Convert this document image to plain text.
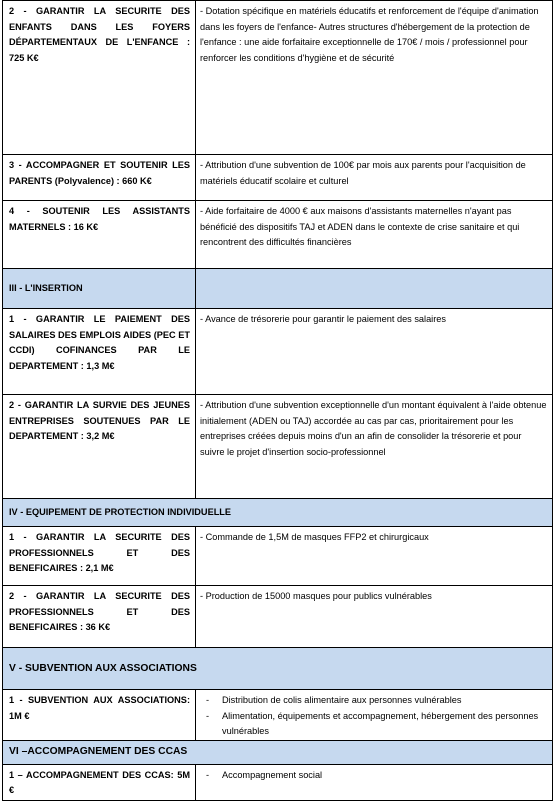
2 - GARANTIR LA SECURITE DES ENFANTS DANS LES FOYERS DÉPARTEMENTAUX DE L'ENFANCE : 725 K€	- Dotation spécifique en matériels éducatifs et renforcement de l'équipe d'animation dans les foyers de l'enfance- Autres structures d'hébergement de la protection de l'enfance : une aide forfaitaire exceptionnelle de 170€ / mois / professionnel pour renforcer les conditions d'hygiène et de sécurité
3 - ACCOMPAGNER ET SOUTENIR LES PARENTS (Polyvalence) : 660 K€	- Attribution d'une subvention de 100€ par mois aux parents pour l'acquisition de matériels éducatif scolaire et culturel
4 - SOUTENIR LES ASSISTANTS MATERNELS : 16 K€	- Aide forfaitaire de 4000 € aux maisons d'assistants maternelles n'ayant pas bénéficié des dispositifs TAJ et ADEN dans le contexte de crise sanitaire et qui rencontrent des difficultés financières
III - L'INSERTION	
1 - GARANTIR LE PAIEMENT DES SALAIRES DES EMPLOIS AIDES (PEC ET CCDI) COFINANCES PAR LE DEPARTEMENT : 1,3 M€	- Avance de trésorerie pour garantir le paiement des salaires
2 - GARANTIR LA SURVIE DES JEUNES ENTREPRISES SOUTENUES PAR LE DEPARTEMENT : 3,2 M€	- Attribution d'une subvention exceptionnelle d'un montant équivalent à l'aide obtenue initialement (ADEN ou TAJ) accordée au cas par cas, prioritairement pour les entreprises créées depuis moins d'un an afin de consolider la trésorerie et pour suivre le projet d'insertion socio-professionnel
IV - EQUIPEMENT DE PROTECTION INDIVIDUELLE	
1 - GARANTIR LA SECURITE DES PROFESSIONNELS ET DES BENEFICAIRES : 2,1 M€	- Commande de 1,5M de masques FFP2 et chirurgicaux
2 - GARANTIR LA SECURITE DES PROFESSIONNELS ET DES BENEFICAIRES : 36 K€	- Production de 15000 masques pour publics vulnérables
V - SUBVENTION AUX ASSOCIATIONS	
1 - SUBVENTION AUX ASSOCIATIONS: 1M €	- Distribution de colis alimentaire aux personnes vulnérables
- Alimentation, équipements et accompagnement, hébergement des personnes vulnérables

VI –ACCOMPAGNEMENT DES CCAS	
1 – ACCOMPAGNEMENT DES CCAS: 5M €	- Accompagnement social
